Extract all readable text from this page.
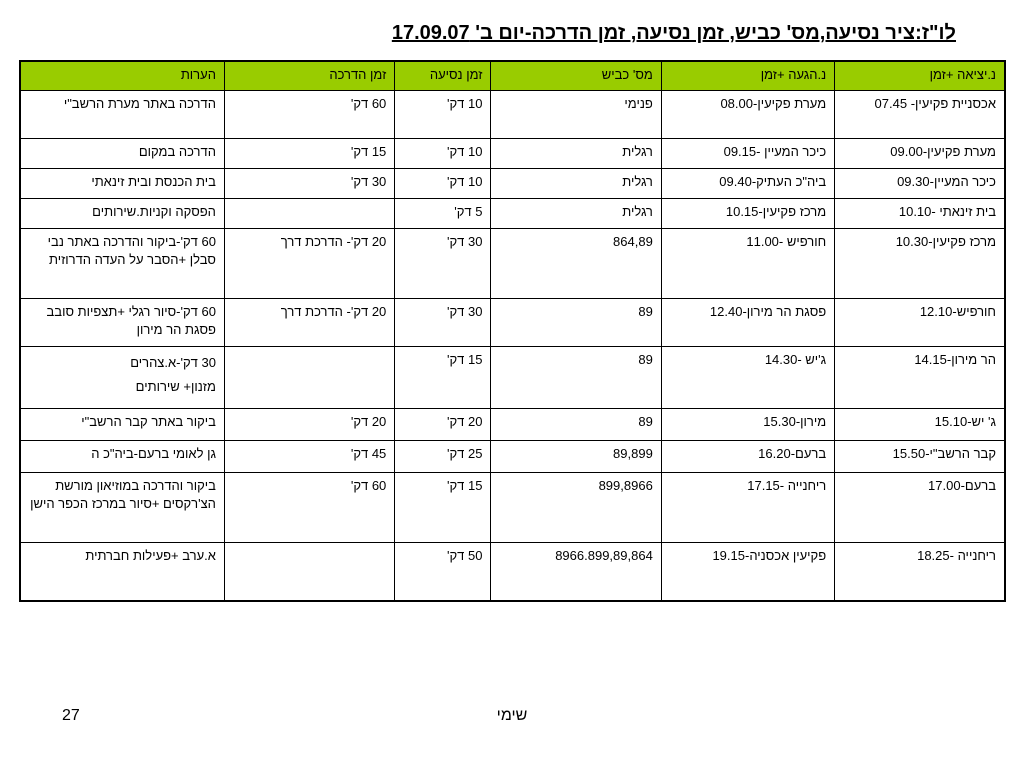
לו"ז:ציר נסיעה,מס' כביש, זמן נסיעה, זמן הדרכה-יום ב' 17.09.07
נ.יציאה +זמן	נ.הגעה +זמן	מס' כביש	זמן נסיעה	זמן הדרכה	הערות
אכסניית פקיעין- 07.45	מערת פקיעין-08.00	פנימי	10 דק'	60 דק'	הדרכה באתר מערת הרשב"י
מערת פקיעין-09.00	כיכר המעיין -09.15	רגלית	10 דק'	15 דק'	הדרכה במקום
כיכר המעיין-09.30	ביה"כ העתיק-09.40	רגלית	10 דק'	30 דק'	בית הכנסת ובית זינאתי
בית זינאתי -10.10	מרכז פקיעין-10.15	רגלית	5 דק'		הפסקה וקניות.שירותים
מרכז פקיעין-10.30	חורפיש -11.00	864,89	30 דק'	20 דק'- הדרכת דרך	60 דק'-ביקור והדרכה באתר נבי סבלן +הסבר על העדה הדרוזית
חורפיש-12.10	פסגת הר מירון-12.40	89	30 דק'	20 דק'- הדרכת דרך	60 דק'-סיור רגלי +תצפיות סובב פסגת הר מירון
הר מירון-14.15	ג'יש -14.30	89	15 דק'		30 דק'-א.צהרים
מזנון+ שירותים
ג' יש-15.10	מירון-15.30	89	20 דק'	20 דק'	ביקור באתר קבר הרשב"י
קבר הרשב"י-15.50	ברעם-16.20	89,899	25 דק'	45 דק'	גן לאומי ברעם-ביה"כ ה
ברעם-17.00	ריחנייה -17.15	899,8966	15 דק'	60 דק'	ביקור והדרכה במוזיאון מורשת הצ'רקסים +סיור במרכז הכפר הישן
ריחנייה -18.25	פקיעין אכסניה-19.15	8966.899,89,864	50 דק'		א.ערב +פעילות חברתית
שימי
27
